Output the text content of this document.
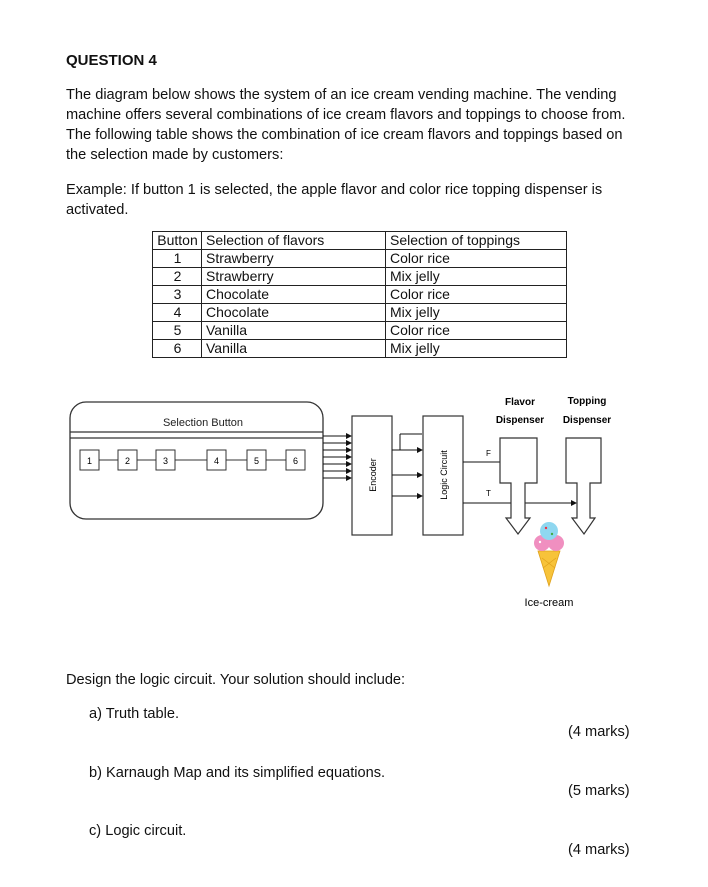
QUESTION 4
The diagram below shows the system of an ice cream vending machine. The vending machine offers several combinations of ice cream flavors and toppings to choose from. The following table shows the combination of ice cream flavors and toppings based on the selection made by customers:
Example: If button 1 is selected, the apple flavor and color rice topping dispenser is activated.
Button	Selection of flavors	Selection of toppings
1	Strawberry	Color rice
2	Strawberry	Mix jelly
3	Chocolate	Color rice
4	Chocolate	Mix jelly
5	Vanilla	Color rice
6	Vanilla	Mix jelly
Selection Button
1	2	3	4	5	6	Encoder	Logic Circuit	F
T
Flavor
Dispenser
Topping
Dispenser
Ice-cream
Design the logic circuit. Your solution should include:
a) Truth table.
(4 marks)
b) Karnaugh Map and its simplified equations.
(5 marks)
c) Logic circuit.
(4 marks)
